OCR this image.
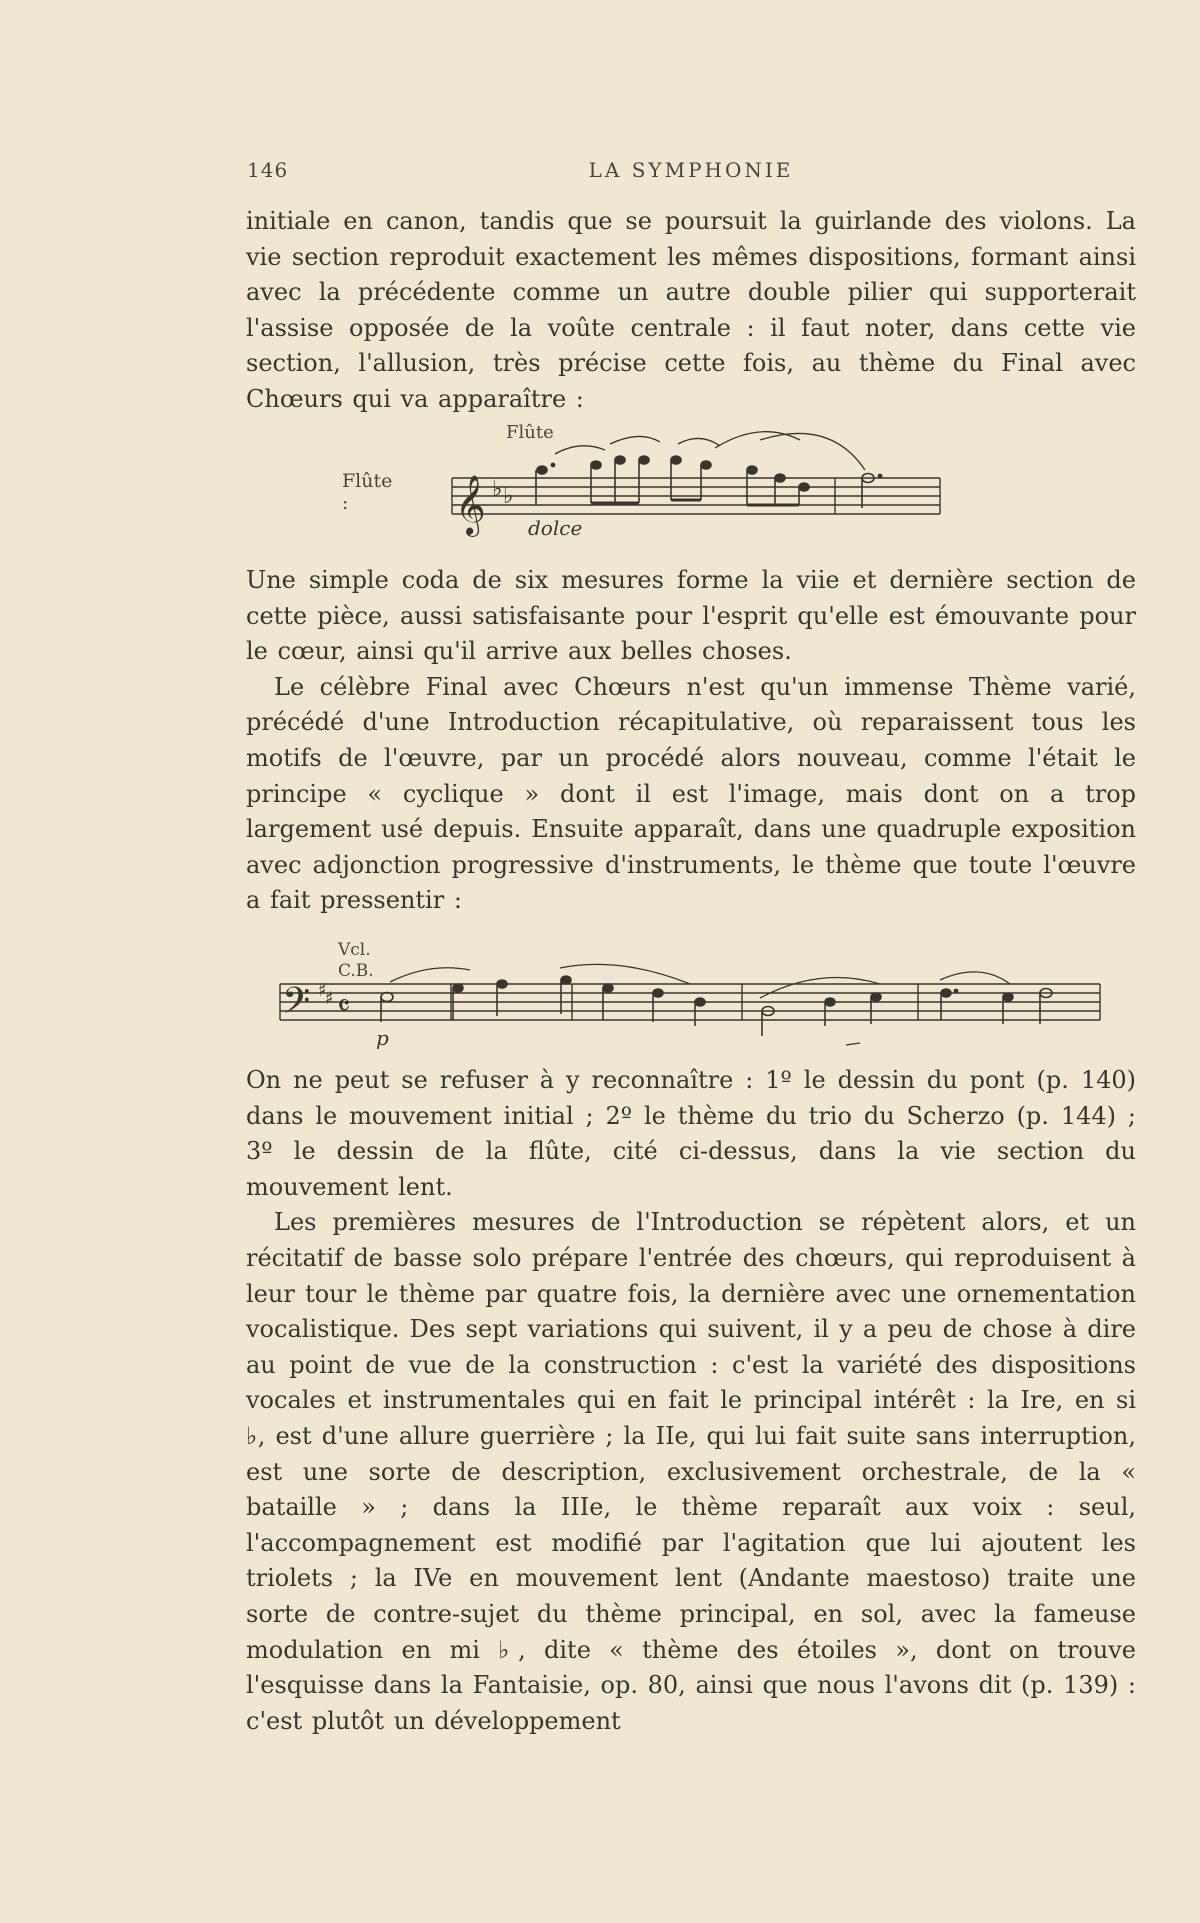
146	LA SYMPHONIE

initiale en canon, tandis que se poursuit la guirlande des violons. La vie section reproduit exactement les mêmes dispositions, formant ainsi avec la précédente comme un autre double pilier qui supporterait l'assise opposée de la voûte centrale : il faut noter, dans cette vie section, l'allusion, très précise cette fois, au thème du Final avec Chœurs qui va apparaître :

Flûte :
Flûte
dolce
𝄞 ♭ ♭

Une simple coda de six mesures forme la viie et dernière section de cette pièce, aussi satisfaisante pour l'esprit qu'elle est émouvante pour le cœur, ainsi qu'il arrive aux belles choses.

Le célèbre Final avec Chœurs n'est qu'un immense Thème varié, précédé d'une Introduction récapitulative, où reparaissent tous les motifs de l'œuvre, par un procédé alors nouveau, comme l'était le principe « cyclique » dont il est l'image, mais dont on a trop largement usé depuis. Ensuite apparaît, dans une quadruple exposition avec adjonction progressive d'instruments, le thème que toute l'œuvre a fait pressentir :

Vcl.
C.B.
p
𝄢 ♯
♯ 𝄴

On ne peut se refuser à y reconnaître : 1º le dessin du pont (p. 140) dans le mouvement initial ; 2º le thème du trio du Scherzo (p. 144) ; 3º le dessin de la flûte, cité ci-dessus, dans la vie section du mouvement lent.

Les premières mesures de l'Introduction se répètent alors, et un récitatif de basse solo prépare l'entrée des chœurs, qui reproduisent à leur tour le thème par quatre fois, la dernière avec une ornementation vocalistique. Des sept variations qui suivent, il y a peu de chose à dire au point de vue de la construction : c'est la variété des dispositions vocales et instrumentales qui en fait le principal intérêt : la Ire, en si ♭, est d'une allure guerrière ; la IIe, qui lui fait suite sans interruption, est une sorte de description, exclusivement orchestrale, de la « bataille » ; dans la IIIe, le thème reparaît aux voix : seul, l'accompagnement est modifié par l'agitation que lui ajoutent les triolets ; la IVe en mouvement lent (Andante maestoso) traite une sorte de contre-sujet du thème principal, en sol, avec la fameuse modulation en mi ♭, dite « thème des étoiles », dont on trouve l'esquisse dans la Fantaisie, op. 80, ainsi que nous l'avons dit (p. 139) : c'est plutôt un développement
